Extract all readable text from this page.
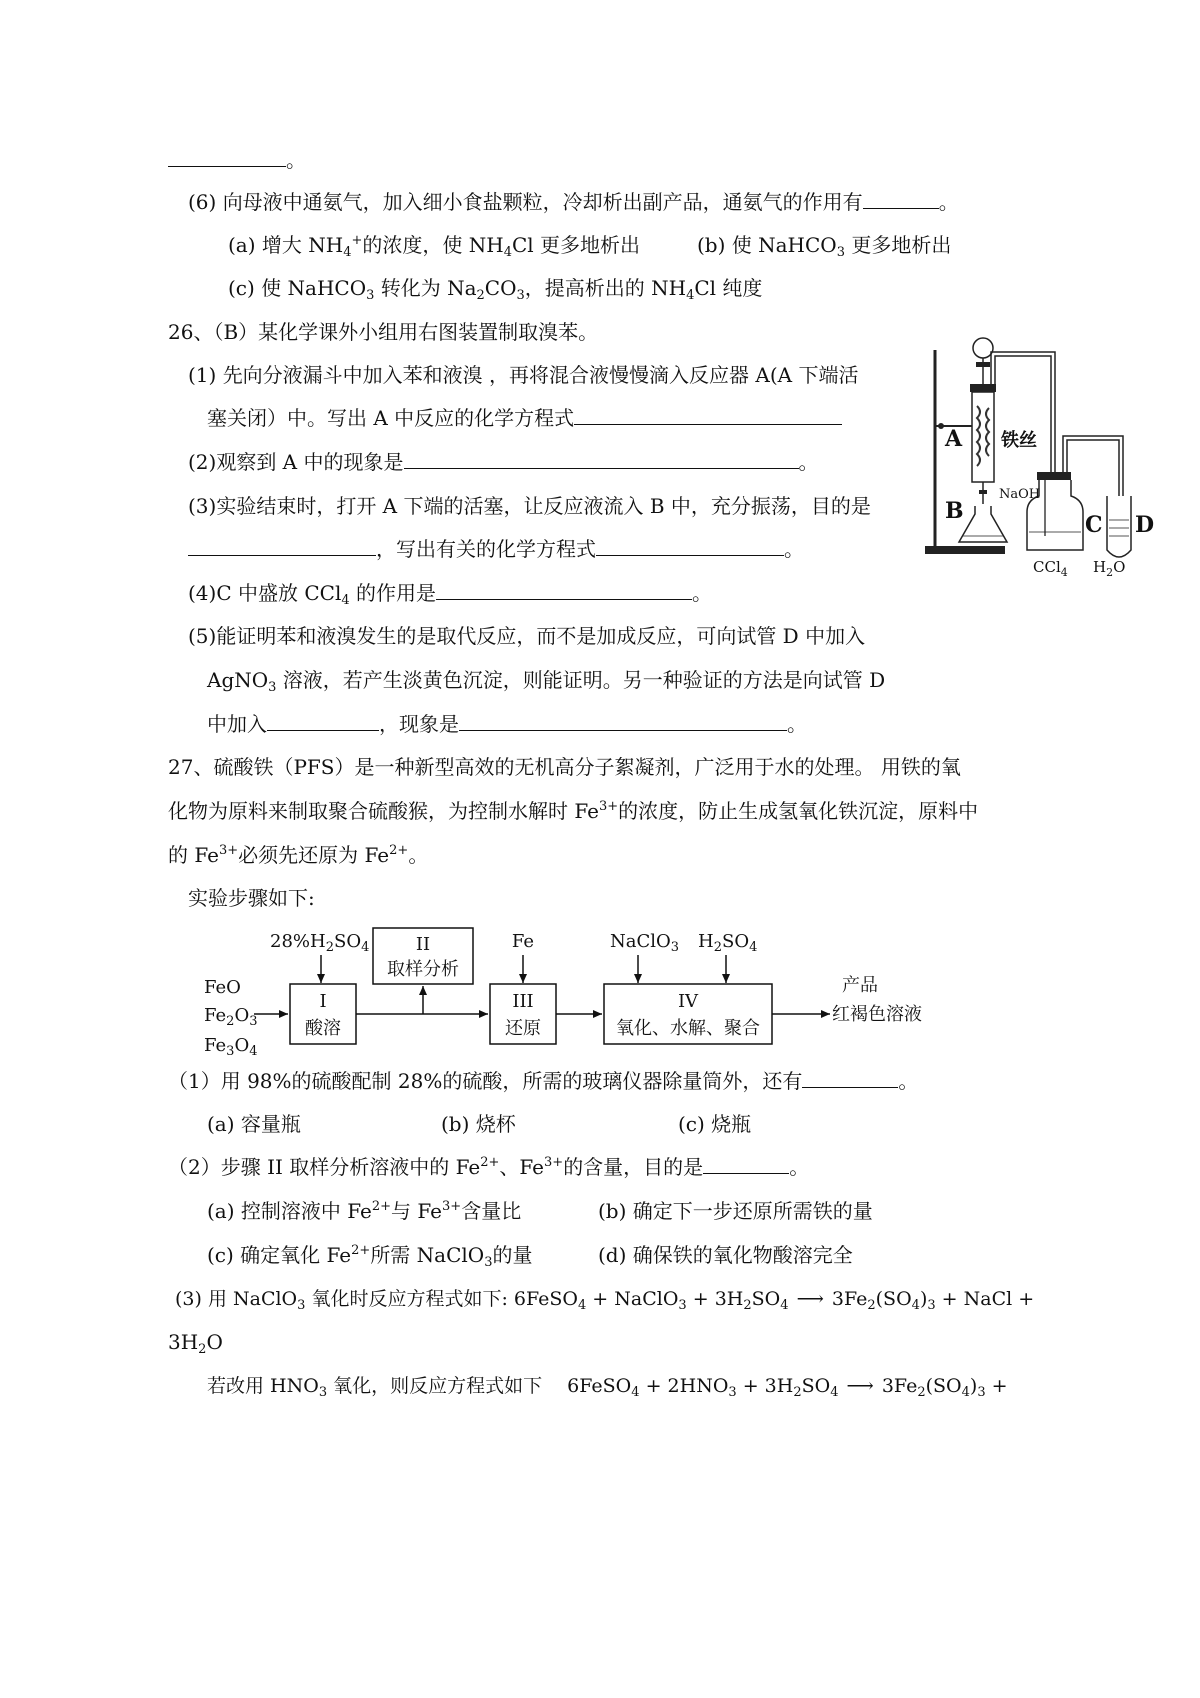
。
(6) 向母液中通氨气，加入细小食盐颗粒，冷却析出副产品，通氨气的作用有	。
(a) 增大 $NH_4^+$的浓度，使 $NH_4Cl$ 更多地析出	(b) 使 NaHCO$_3$ 更多地析出
(c) 使 NaHCO$_3$ 转化为 $Na_2CO_3$，提高析出的 $NH_4Cl$ 纯度
26、（B）某化学课外小组用右图装置制取溴苯。
(1) 先向分液漏斗中加入苯和液溴 ，再将混合液慢慢滴入反应器 A(A 下端活
塞关闭）中。写出 A 中反应的化学方程式
(2)观察到 A 中的现象是	。
(3)实验结束时，打开 A 下端的活塞，让反应液流入 B 中，充分振荡，目的是
，写出有关的化学方程式	。
(4)C 中盛放 CCl$_4$ 的作用是	。
(5)能证明苯和液溴发生的是取代反应，而不是加成反应，可向试管 D 中加入
AgNO$_3$ 溶液，若产生淡黄色沉淀，则能证明。另一种验证的方法是向试管 D
中加入	，现象是	。
A 铁丝
NaOH
B
C D
CCl$_4$ $H_2O$
27、硫酸铁（PFS）是一种新型高效的无机高分子絮凝剂，广泛用于水的处理。 用铁的氧
化物为原料来制取聚合硫酸猴，为控制水解时 $Fe^{3+}$的浓度，防止生成氢氧化铁沉淀，原料中
的 $Fe^{3+}$必须先还原为 $Fe^{2+}$。
实验步骤如下:
$28\%H_2SO_4$
I
酸溶
II
取样分析
Fe
III
还原
NaClO$_3$ $H_2SO_4$
IV
氧化、水解、聚合
FeO
$Fe_2O_3$
$Fe_3O_4$
产品
红褐色溶液
（1）用 98%的硫酸配制 28%的硫酸，所需的玻璃仪器除量筒外，还有	。
(a) 容量瓶	(b) 烧杯	(c) 烧瓶
（2）步骤 II 取样分析溶液中的 $Fe^{2+}$、$Fe^{3+}$的含量，目的是	。
(a) 控制溶液中 $Fe^{2+}$与 $Fe^{3+}$含量比	(b) 确定下一步还原所需铁的量
(c) 确定氧化 $Fe^{2+}$所需 NaClO$_3$的量	(d) 确保铁的氧化物酸溶完全
(3) 用 NaClO$_3$ 氧化时反应方程式如下: 6FeSO$_4$ + NaClO$_3$ + $3H_2SO_4$ ⟶ $3Fe_2(SO_4)_3$ + NaCl +
$3H_2O$
若改用 $HNO_3$ 氧化，则反应方程式如下 　6FeSO$_4$ + $2HNO_3 + 3H_2SO_4$ ⟶ $3Fe_2(SO_4)_3$ +
